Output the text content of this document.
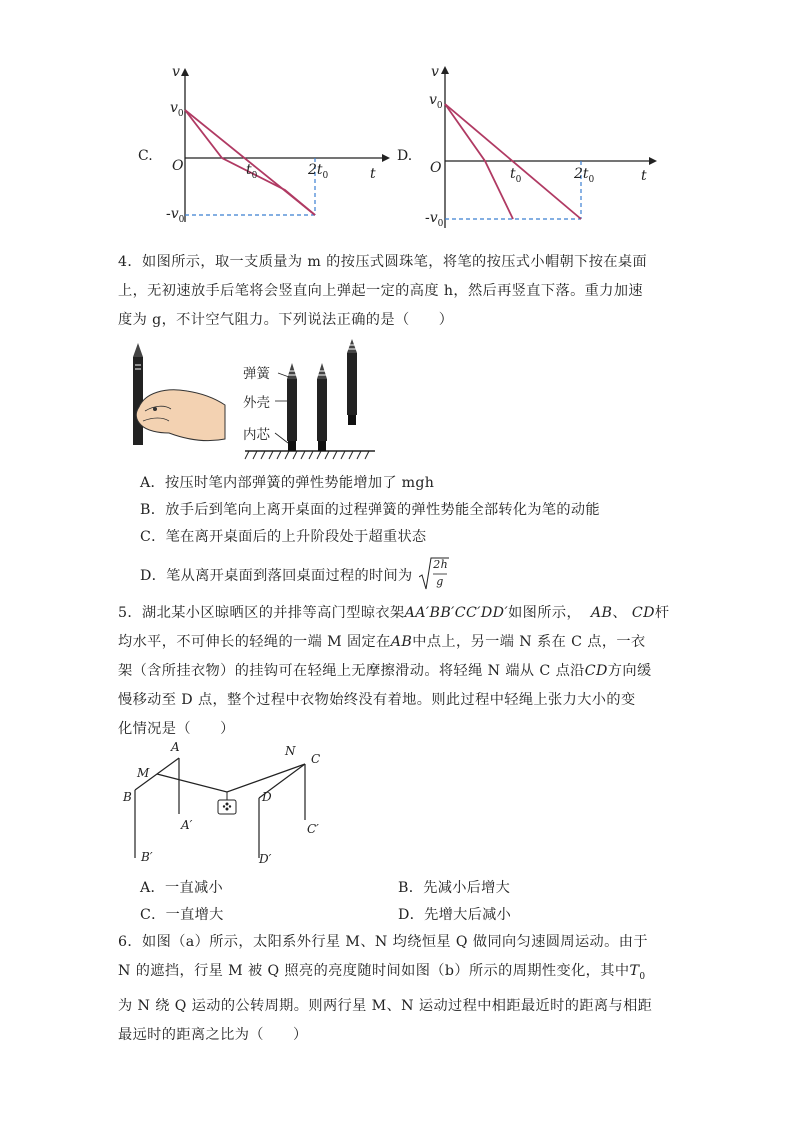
C.
v
$v_0$
O	$t_0$	$2t_0$	t
$-v_0$
D.
v
$v_0$
O	$t_0$	$2t_0$	t
$-v_0$
4．如图所示，取一支质量为 m 的按压式圆珠笔，将笔的按压式小帽朝下按在桌面
上，无初速放手后笔将会竖直向上弹起一定的高度 h，然后再竖直下落。重力加速
度为 g，不计空气阻力。下列说法正确的是（　　）
弹簧
外壳
内芯
A．按压时笔内部弹簧的弹性势能增加了 mgh
B．放手后到笔向上离开桌面的过程弹簧的弹性势能全部转化为笔的动能
C．笔在离开桌面后的上升阶段处于超重状态
D．笔从离开桌面到落回桌面过程的时间为
2h
g
5．湖北某小区晾晒区的并排等高门型晾衣架AA′BB′CC′DD′如图所示， AB、 CD杆
均水平，不可伸长的轻绳的一端 M 固定在AB中点上，另一端 N 系在 C 点，一衣
架（含所挂衣物）的挂钩可在轻绳上无摩擦滑动。将轻绳 N 端从 C 点沿CD方向缓
慢移动至 D 点，整个过程中衣物始终没有着地。则此过程中轻绳上张力大小的变
化情况是（　　）
A
M
B
A′
B′
N
C
D
C′
D′
A．一直减小	B．先减小后增大
C．一直增大	D．先增大后减小
6．如图（a）所示，太阳系外行星 M、N 均绕恒星 Q 做同向匀速圆周运动。由于
N 的遮挡，行星 M 被 Q 照亮的亮度随时间如图（b）所示的周期性变化，其中$T_0$
为 N 绕 Q 运动的公转周期。则两行星 M、N 运动过程中相距最近时的距离与相距
最远时的距离之比为（　　）
